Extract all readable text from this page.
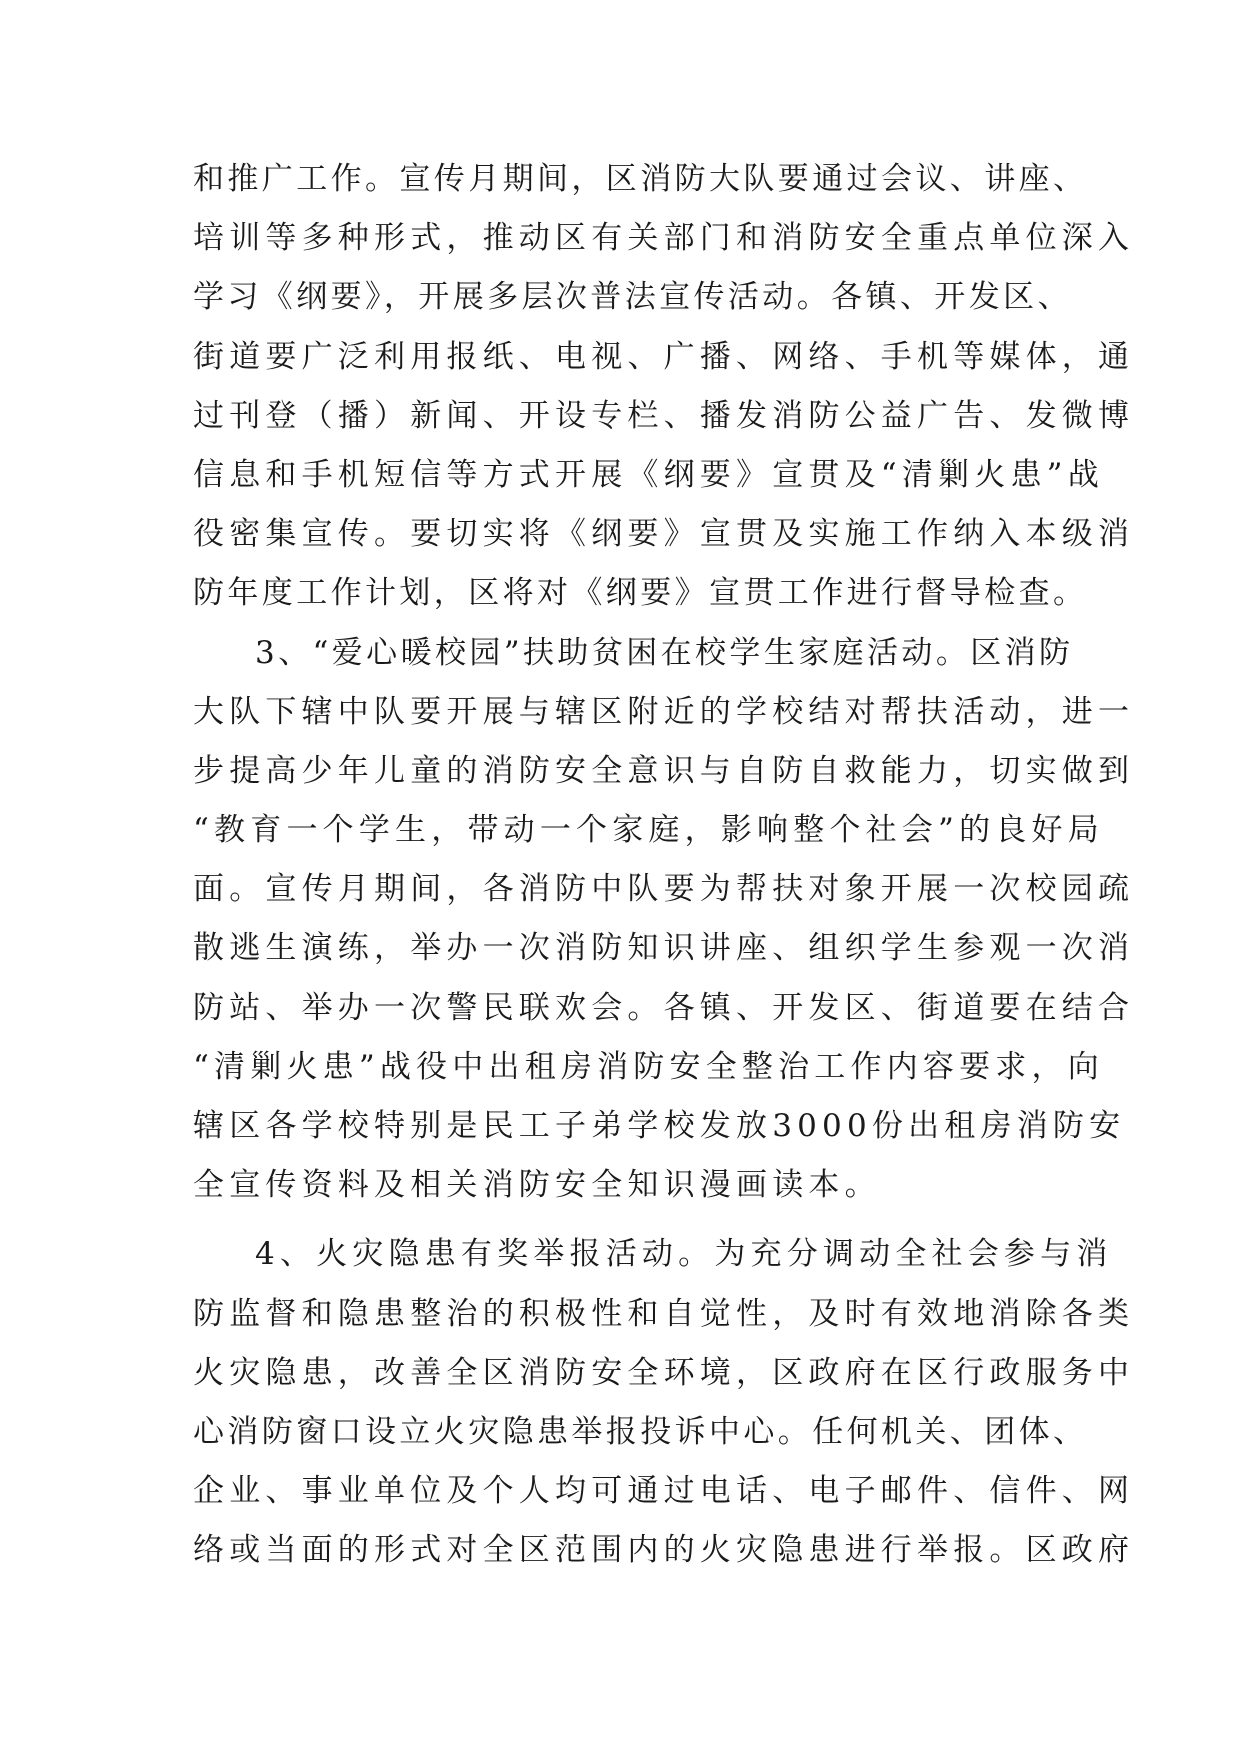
和推广工作。宣传月期间，区消防大队要通过会议、讲座、
培训等多种形式，推动区有关部门和消防安全重点单位深入
学习《纲要》，开展多层次普法宣传活动。各镇、开发区、
街道要广泛利用报纸、电视、广播、网络、手机等媒体，通
过刊登（播）新闻、开设专栏、播发消防公益广告、发微博
信息和手机短信等方式开展《纲要》宣贯及“清剿火患”战
役密集宣传。要切实将《纲要》宣贯及实施工作纳入本级消
防年度工作计划，区将对《纲要》宣贯工作进行督导检查。
3、“爱心暖校园”扶助贫困在校学生家庭活动。区消防
大队下辖中队要开展与辖区附近的学校结对帮扶活动，进一
步提高少年儿童的消防安全意识与自防自救能力，切实做到
“教育一个学生，带动一个家庭，影响整个社会”的良好局
面。宣传月期间，各消防中队要为帮扶对象开展一次校园疏
散逃生演练，举办一次消防知识讲座、组织学生参观一次消
防站、举办一次警民联欢会。各镇、开发区、街道要在结合
“清剿火患”战役中出租房消防安全整治工作内容要求，向
辖区各学校特别是民工子弟学校发放3000份出租房消防安
全宣传资料及相关消防安全知识漫画读本。
4、火灾隐患有奖举报活动。为充分调动全社会参与消
防监督和隐患整治的积极性和自觉性，及时有效地消除各类
火灾隐患，改善全区消防安全环境，区政府在区行政服务中
心消防窗口设立火灾隐患举报投诉中心。任何机关、团体、
企业、事业单位及个人均可通过电话、电子邮件、信件、网
络或当面的形式对全区范围内的火灾隐患进行举报。区政府
